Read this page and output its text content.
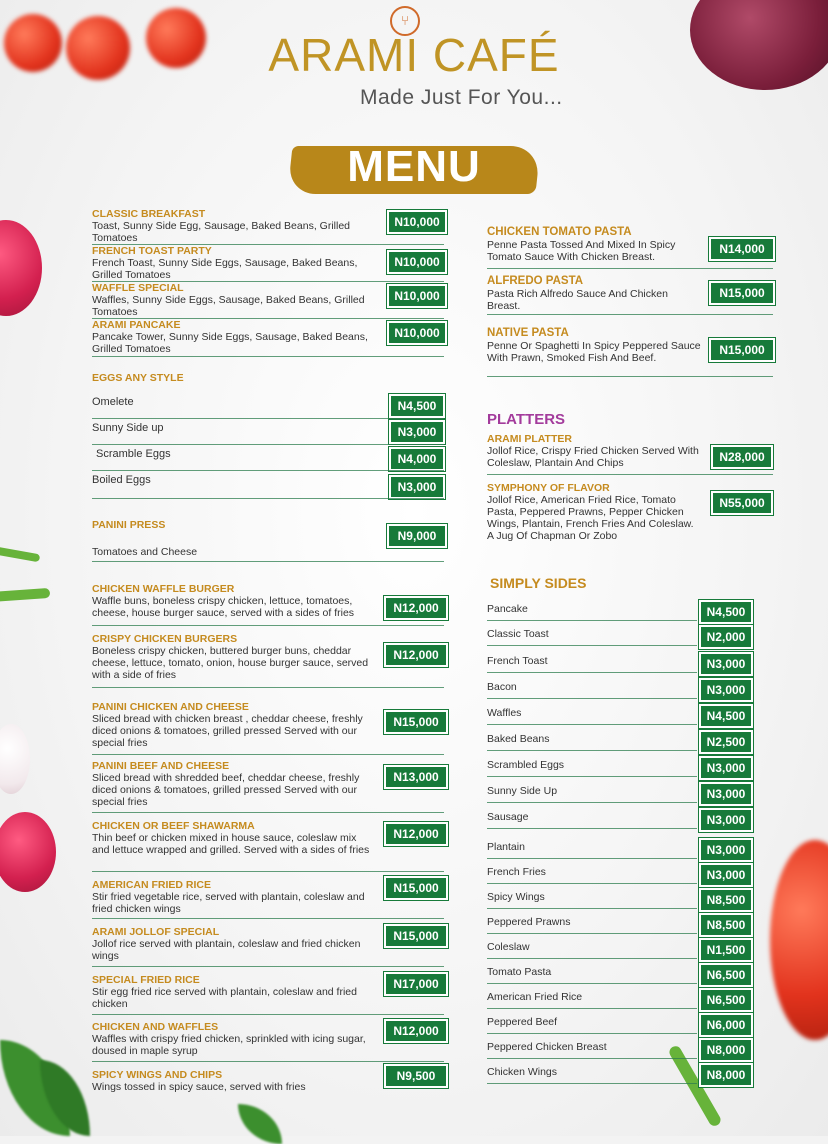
⑂
ARAMI CAFÉ
Made Just For You...
MENU
CLASSIC BREAKFAST
Toast, Sunny Side Egg, Sausage, Baked Beans, Grilled Tomatoes
N10,000
FRENCH TOAST PARTY
French Toast, Sunny Side Eggs, Sausage, Baked Beans, Grilled Tomatoes
N10,000
WAFFLE SPECIAL
Waffles, Sunny Side Eggs, Sausage, Baked Beans, Grilled Tomatoes
N10,000
ARAMI PANCAKE
Pancake Tower, Sunny Side Eggs, Sausage, Baked Beans, Grilled Tomatoes
N10,000
EGGS ANY STYLE
Omelete	N4,500
Sunny Side up	N3,000
Scramble Eggs	N4,000
Boiled Eggs	N3,000
PANINI PRESS
Tomatoes and Cheese
N9,000
CHICKEN WAFFLE BURGER
Waffle buns, boneless crispy chicken, lettuce, tomatoes, cheese, house burger sauce, served with a sides of fries	N12,000
CRISPY CHICKEN BURGERS
Boneless crispy chicken, buttered burger buns, cheddar cheese, lettuce, tomato, onion, house burger sauce, served with a side of fries
N12,000
PANINI CHICKEN AND CHEESE
Sliced bread with chicken breast , cheddar cheese, freshly diced onions & tomatoes, grilled pressed Served with our special fries
N15,000
PANINI BEEF AND CHEESE
Sliced bread with shredded beef, cheddar cheese, freshly diced onions & tomatoes, grilled pressed Served with our special fries
N13,000
CHICKEN OR BEEF SHAWARMA
Thin beef or chicken mixed in house sauce, coleslaw mix and lettuce wrapped and grilled. Served with a sides of fries
N12,000
AMERICAN FRIED RICE
Stir fried vegetable rice, served with plantain, coleslaw and fried chicken wings
N15,000
ARAMI JOLLOF SPECIAL
Jollof rice served with plantain, coleslaw and fried chicken wings
N15,000
SPECIAL FRIED RICE
Stir egg fried rice served with plantain, coleslaw and fried chicken
N17,000
CHICKEN AND WAFFLES
Waffles with crispy fried chicken, sprinkled with icing sugar, doused in maple syrup
N12,000
SPICY WINGS AND CHIPS
Wings tossed in spicy sauce, served with fries
N9,500
CHICKEN TOMATO PASTA
Penne Pasta Tossed And Mixed In Spicy Tomato Sauce With Chicken Breast.
N14,000
ALFREDO PASTA
Pasta Rich Alfredo Sauce And Chicken Breast.
N15,000
NATIVE PASTA
Penne Or Spaghetti In Spicy Peppered Sauce With Prawn, Smoked Fish And Beef.
N15,000
PLATTERS
ARAMI PLATTER
Jollof Rice, Crispy Fried Chicken Served With Coleslaw, Plantain And Chips	N28,000
SYMPHONY OF FLAVOR
Jollof Rice, American Fried Rice, Tomato Pasta, Peppered Prawns, Pepper Chicken Wings, Plantain, French Fries And Coleslaw. A Jug Of Chapman Or Zobo
N55,000
SIMPLY SIDES
Pancake	N4,500
Classic Toast	N2,000
French Toast	N3,000
Bacon	N3,000
Waffles	N4,500
Baked Beans	N2,500
Scrambled Eggs	N3,000
Sunny Side Up	N3,000
Sausage	N3,000
Plantain	N3,000
French Fries	N3,000
Spicy Wings	N8,500
Peppered Prawns	N8,500
Coleslaw	N1,500
Tomato Pasta	N6,500
American Fried Rice	N6,500
Peppered Beef	N6,000
Peppered Chicken Breast	N8,000
Chicken Wings	N8,000
